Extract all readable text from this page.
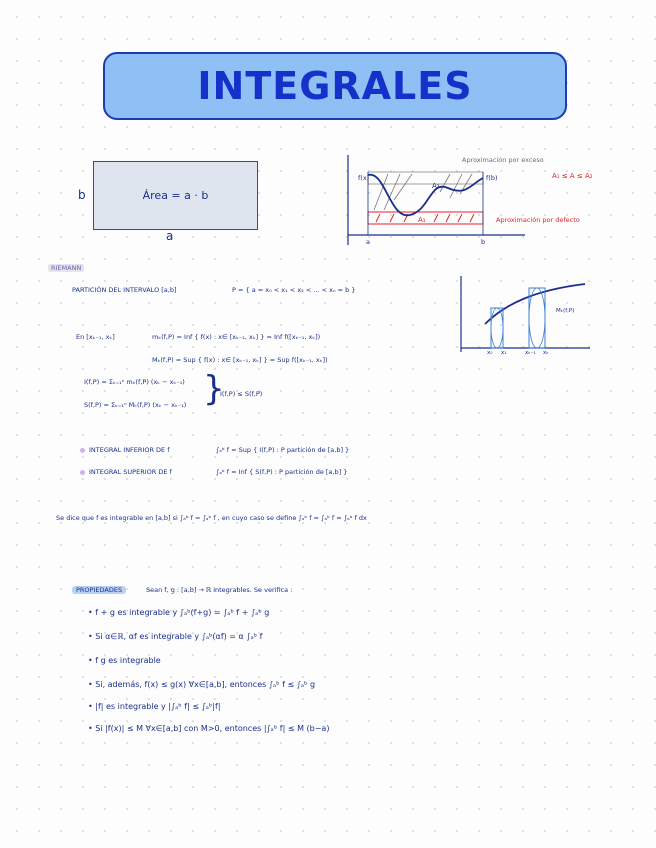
INTEGRALES
b	Área = a · b
a
Aproximación por exceso
f(x)	f(b)
A₂
A₁
a	b
A₁ ≤ A ≤ A₂
Aproximación por defecto
RIEMANN
PARTICIÓN DEL INTERVALO [a,b]	P = { a = x₀ < x₁ < x₂ < ... < xₙ = b }
Mₖ(f,P)
x₀ x₁	xₖ₋₁ xₖ
En [xₖ₋₁, xₖ]	mₖ(f,P) = Inf { f(x) : x∈ [xₖ₋₁, xₖ] } = Inf f([xₖ₋₁, xₖ])
Mₖ(f,P) = Sup { f(x) : x∈ [xₖ₋₁, xₖ] } = Sup f([xₖ₋₁, xₖ])
I(f,P) = Σₖ₌₁ⁿ mₖ(f,P) (xₖ − xₖ₋₁)
S(f,P) = Σₖ₌₁ⁿ Mₖ(f,P) (xₖ − xₖ₋₁) }
I(f,P) ≤ S(f,P)
INTEGRAL INFERIOR DE f	∫ₐᵇ f = Sup { I(f,P) : P partición de [a,b] }
INTEGRAL SUPERIOR DE f	∫ₐᵇ f = Inf { S(f,P) : P partición de [a,b] }
Se dice que f es integrable en [a,b] si ∫ₐᵇ f = ∫ₐᵇ f , en cuyo caso se define ∫ₐᵇ f = ∫ₐᵇ f = ∫ₐᵇ f dx
PROPIEDADES	Sean f, g : [a,b] → ℝ integrables. Se verifica :
• f + g es integrable y ∫ₐᵇ(f+g) = ∫ₐᵇ f + ∫ₐᵇ g
• Si α∈ℝ, αf es integrable y ∫ₐᵇ(αf) = α ∫ₐᵇ f
• f g es integrable
• Si, además, f(x) ≤ g(x) ∀x∈[a,b], entonces ∫ₐᵇ f ≤ ∫ₐᵇ g
• |f| es integrable y |∫ₐᵇ f| ≤ ∫ₐᵇ|f|
• Si |f(x)| ≤ M ∀x∈[a,b] con M>0, entonces |∫ₐᵇ f| ≤ M (b−a)
